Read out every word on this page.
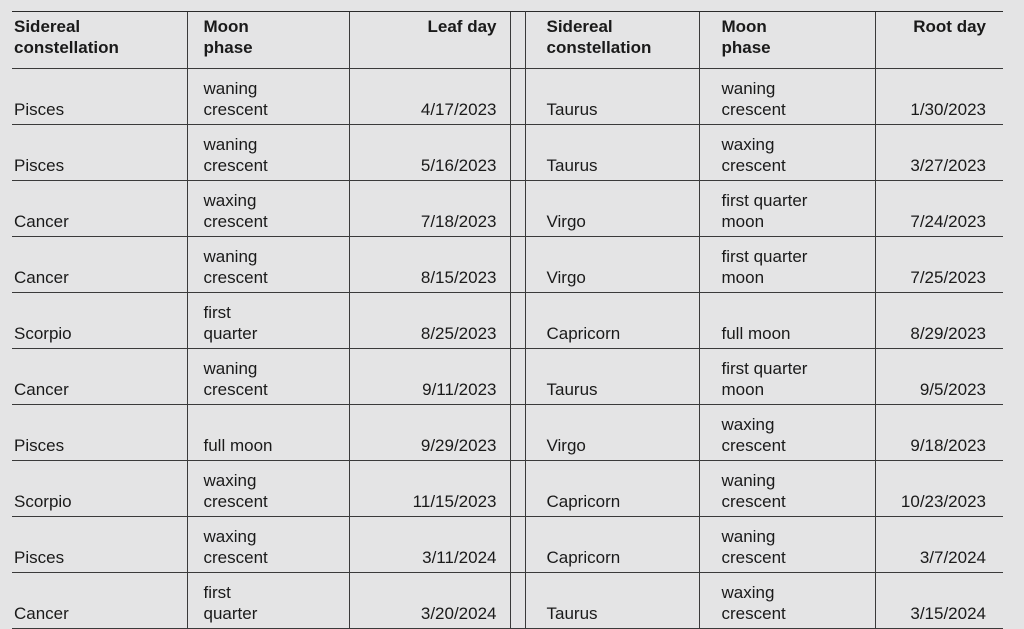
Sidereal
constellation	Moon
phase	Leaf day		Sidereal
constellation	Moon
phase	Root day

Pisces	waning
crescent	4/17/2023		Taurus	waning
crescent	1/30/2023

Pisces	waning
crescent	5/16/2023		Taurus	waxing
crescent	3/27/2023

Cancer	waxing
crescent	7/18/2023		Virgo	first quarter
moon	7/24/2023

Cancer	waning
crescent	8/15/2023		Virgo	first quarter
moon	7/25/2023

Scorpio	first
quarter	8/25/2023		Capricorn	full moon	8/29/2023

Cancer	waning
crescent	9/11/2023		Taurus	first quarter
moon	9/5/2023

Pisces	full moon	9/29/2023		Virgo	waxing
crescent	9/18/2023

Scorpio	waxing
crescent	11/15/2023		Capricorn	waning
crescent	10/23/2023

Pisces	waxing
crescent	3/11/2024		Capricorn	waning
crescent	3/7/2024

Cancer	first
quarter	3/20/2024		Taurus	waxing
crescent	3/15/2024
